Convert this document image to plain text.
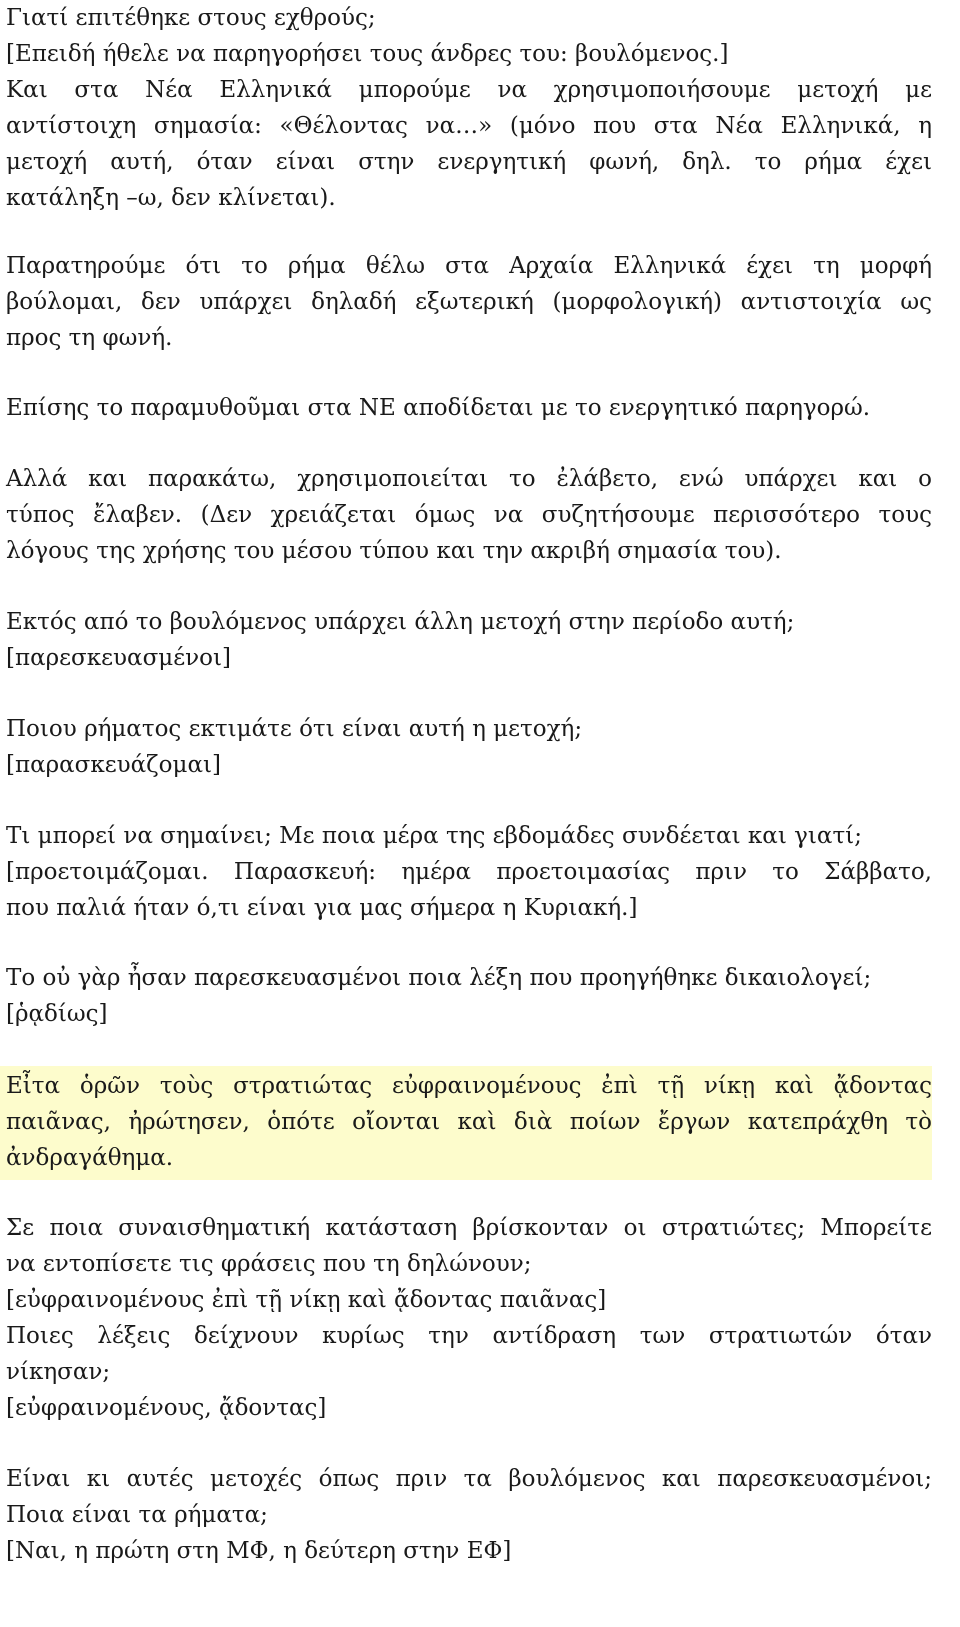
Γιατί επιτέθηκε στους εχθρούς;
[Επειδή ήθελε να παρηγορήσει τους άνδρες του: βουλόμενος.]
Και στα Νέα Ελληνικά μπορούμε να χρησιμοποιήσουμε μετοχή με
αντίστοιχη σημασία: «Θέλοντας να…» (μόνο που στα Νέα Ελληνικά, η
μετοχή αυτή, όταν είναι στην ενεργητική φωνή, δηλ. το ρήμα έχει
κατάληξη –ω, δεν κλίνεται).
Παρατηρούμε ότι το ρήμα θέλω στα Αρχαία Ελληνικά έχει τη μορφή
βούλομαι, δεν υπάρχει δηλαδή εξωτερική (μορφολογική) αντιστοιχία ως
προς τη φωνή.
Επίσης το παραμυθοῦμαι στα ΝΕ αποδίδεται με το ενεργητικό παρηγορώ.
Αλλά και παρακάτω, χρησιμοποιείται το ἐλάβετο, ενώ υπάρχει και ο
τύπος ἔλαβεν. (Δεν χρειάζεται όμως να συζητήσουμε περισσότερο τους
λόγους της χρήσης του μέσου τύπου και την ακριβή σημασία του).
Εκτός από το βουλόμενος υπάρχει άλλη μετοχή στην περίοδο αυτή;
[παρεσκευασμένοι]
Ποιου ρήματος εκτιμάτε ότι είναι αυτή η μετοχή;
[παρασκευάζομαι]
Τι μπορεί να σημαίνει; Με ποια μέρα της εβδομάδες συνδέεται και γιατί;
[προετοιμάζομαι. Παρασκευή: ημέρα προετοιμασίας πριν το Σάββατο,
που παλιά ήταν ό,τι είναι για μας σήμερα η Κυριακή.]
Το οὐ γὰρ ἦσαν παρεσκευασμένοι ποια λέξη που προηγήθηκε δικαιολογεί;
[ῥᾳδίως]
Εἶτα ὁρῶν τοὺς στρατιώτας εὐφραινομένους ἐπὶ τῇ νίκῃ καὶ ᾄδοντας
παιᾶνας, ἠρώτησεν, ὁπότε οἴονται καὶ διὰ ποίων ἔργων κατεπράχθη τὸ
ἀνδραγάθημα.
Σε ποια συναισθηματική κατάσταση βρίσκονταν οι στρατιώτες; Μπορείτε
να εντοπίσετε τις φράσεις που τη δηλώνουν;
[εὐφραινομένους ἐπὶ τῇ νίκῃ καὶ ᾄδοντας παιᾶνας]
Ποιες λέξεις δείχνουν κυρίως την αντίδραση των στρατιωτών όταν
νίκησαν;
[εὐφραινομένους, ᾄδοντας]
Είναι κι αυτές μετοχές όπως πριν τα βουλόμενος και παρεσκευασμένοι;
Ποια είναι τα ρήματα;
[Ναι, η πρώτη στη ΜΦ, η δεύτερη στην ΕΦ]
